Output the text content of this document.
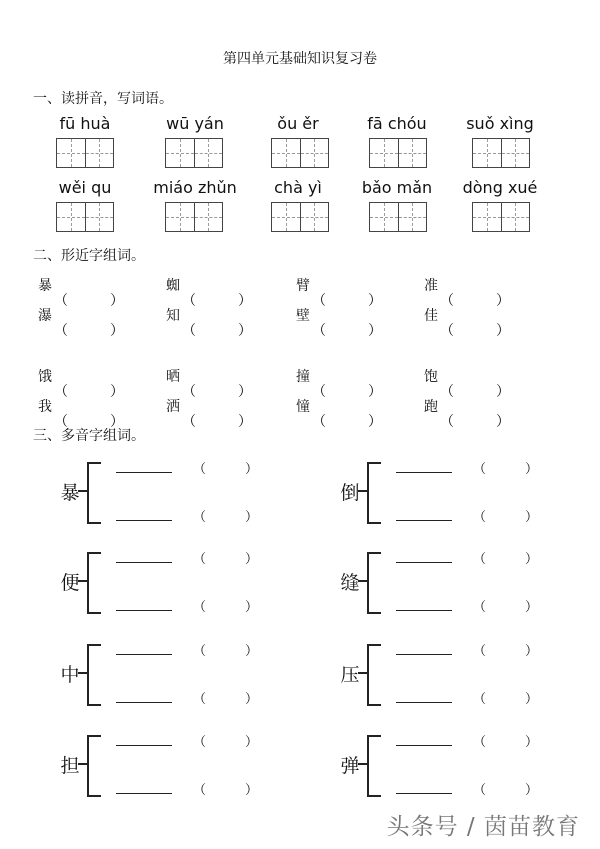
第四单元基础知识复习卷
一、读拼音，写词语。
fū huà	wū yán	ǒu ěr	fā chóu	suǒ xìng
wěi qu	miáo zhǔn	chà yì	bǎo mǎn	dòng xué
二、形近字组词。
暴	蜘	臂	准
瀑	知	壁	佳
饿	晒	撞	饱
我	洒	憧	跑
三、多音字组词。
暴
（	）
（	）
倒
（	）
（	）
便
（	）
（	）
缝
（	）
（	）
中
（	）
（	）
压
（	）
（	）
担
（	）
（	）
弹
（	）
（	）
头条号 / 茵苗教育
